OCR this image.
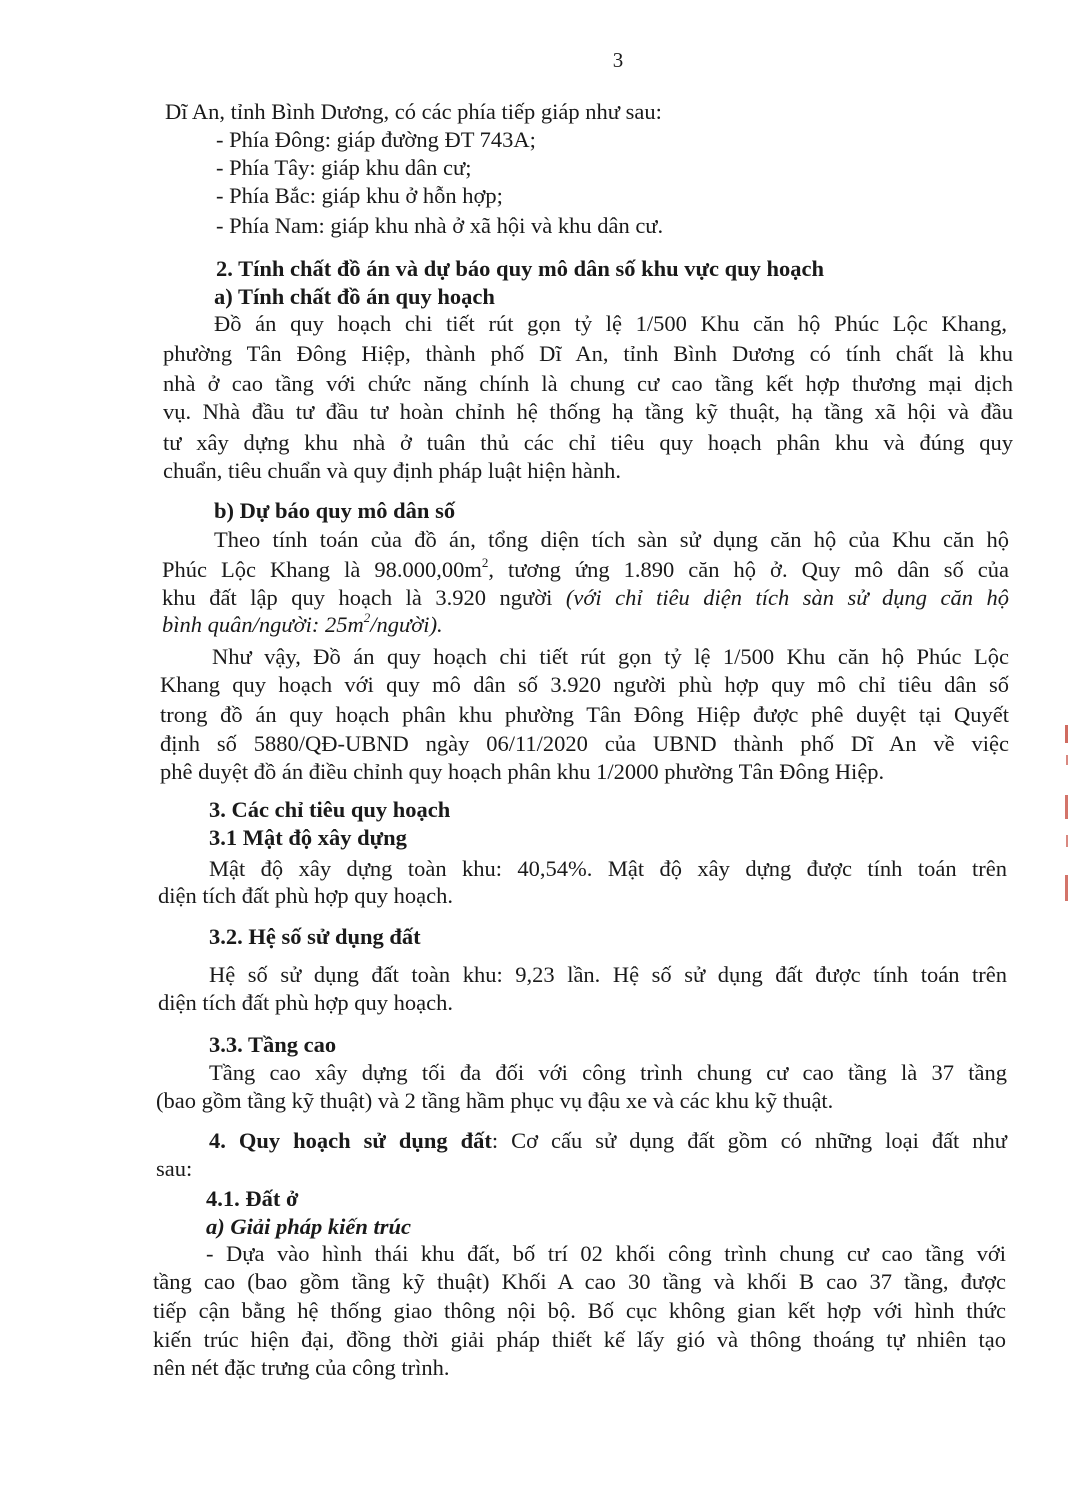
3
Dĩ An, tỉnh Bình Dương, có các phía tiếp giáp như sau:
- Phía Đông: giáp đường ĐT 743A;
- Phía Tây: giáp khu dân cư;
- Phía Bắc: giáp khu ở hỗn hợp;
- Phía Nam: giáp khu nhà ở xã hội và khu dân cư.
2. Tính chất đồ án và dự báo quy mô dân số khu vực quy hoạch
a) Tính chất đồ án quy hoạch
Đồ án quy hoạch chi tiết rút gọn tỷ lệ 1/500 Khu căn hộ Phúc Lộc Khang,
phường Tân Đông Hiệp, thành phố Dĩ An, tỉnh Bình Dương có tính chất là khu
nhà ở cao tầng với chức năng chính là chung cư cao tầng kết hợp thương mại dịch
vụ. Nhà đầu tư đầu tư hoàn chỉnh hệ thống hạ tầng kỹ thuật, hạ tầng xã hội và đầu
tư xây dựng khu nhà ở tuân thủ các chỉ tiêu quy hoạch phân khu và đúng quy
chuẩn, tiêu chuẩn và quy định pháp luật hiện hành.
b) Dự báo quy mô dân số
Theo tính toán của đồ án, tổng diện tích sàn sử dụng căn hộ của Khu căn hộ
Phúc Lộc Khang là $98.000,00m^2$, tương ứng 1.890 căn hộ ở. Quy mô dân số của
khu đất lập quy hoạch là 3.920 người (với chỉ tiêu diện tích sàn sử dụng căn hộ
bình quân/người: $25m^2/người$).
Như vậy, Đồ án quy hoạch chi tiết rút gọn tỷ lệ 1/500 Khu căn hộ Phúc Lộc
Khang quy hoạch với quy mô dân số 3.920 người phù hợp quy mô chỉ tiêu dân số
trong đồ án quy hoạch phân khu phường Tân Đông Hiệp được phê duyệt tại Quyết
định số 5880/QĐ-UBND ngày 06/11/2020 của UBND thành phố Dĩ An về việc
phê duyệt đồ án điều chỉnh quy hoạch phân khu 1/2000 phường Tân Đông Hiệp.
3. Các chỉ tiêu quy hoạch
3.1 Mật độ xây dựng
Mật độ xây dựng toàn khu: 40,54%. Mật độ xây dựng được tính toán trên
diện tích đất phù hợp quy hoạch.
3.2. Hệ số sử dụng đất
Hệ số sử dụng đất toàn khu: 9,23 lần. Hệ số sử dụng đất được tính toán trên
diện tích đất phù hợp quy hoạch.
3.3. Tầng cao
Tầng cao xây dựng tối đa đối với công trình chung cư cao tầng là 37 tầng
(bao gồm tầng kỹ thuật) và 2 tầng hầm phục vụ đậu xe và các khu kỹ thuật.
4. Quy hoạch sử dụng đất: Cơ cấu sử dụng đất gồm có những loại đất như
sau:
4.1. Đất ở
a) Giải pháp kiến trúc
- Dựa vào hình thái khu đất, bố trí 02 khối công trình chung cư cao tầng với
tầng cao (bao gồm tầng kỹ thuật) Khối A cao 30 tầng và khối B cao 37 tầng, được
tiếp cận bằng hệ thống giao thông nội bộ. Bố cục không gian kết hợp với hình thức
kiến trúc hiện đại, đồng thời giải pháp thiết kế lấy gió và thông thoáng tự nhiên tạo
nên nét đặc trưng của công trình.
